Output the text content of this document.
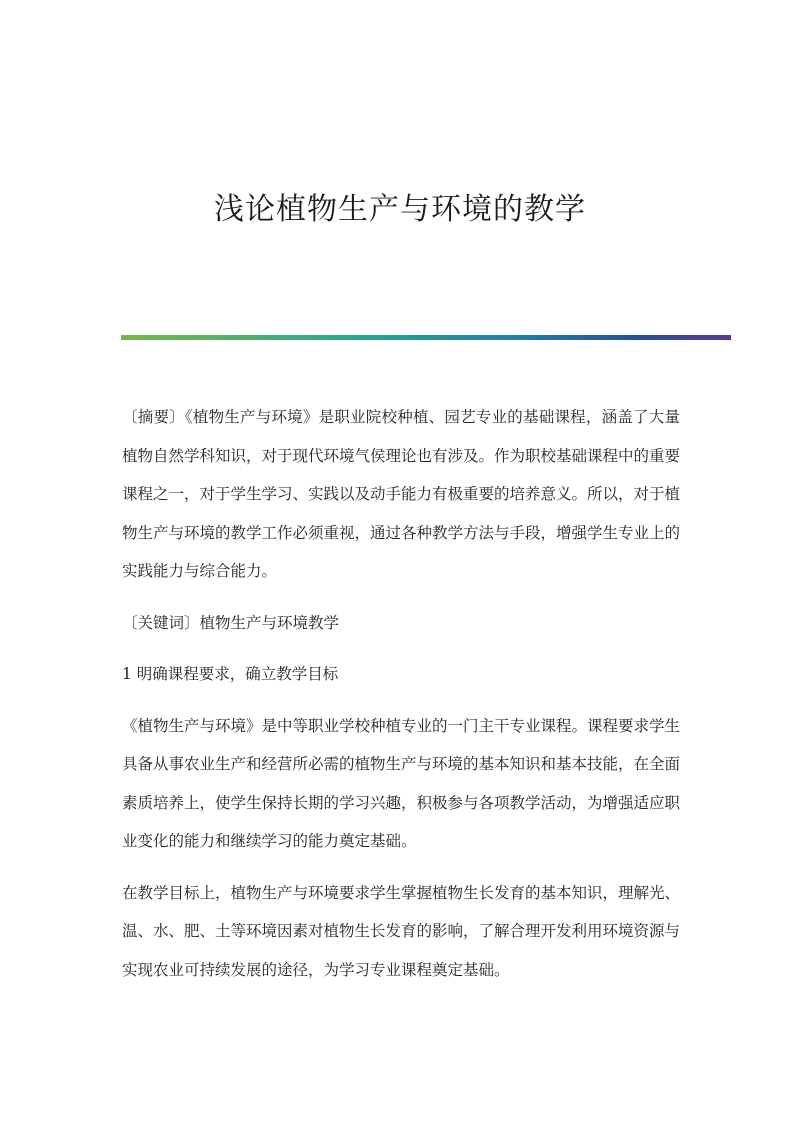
浅论植物生产与环境的教学

〔摘要〕《植物生产与环境》是职业院校种植、园艺专业的基础课程，涵盖了大量植物自然学科知识，对于现代环境气侯理论也有涉及。作为职校基础课程中的重要课程之一，对于学生学习、实践以及动手能力有极重要的培养意义。所以，对于植物生产与环境的教学工作必须重视，通过各种教学方法与手段，增强学生专业上的实践能力与综合能力。

〔关键词〕植物生产与环境教学

1 明确课程要求，确立教学目标

《植物生产与环境》是中等职业学校种植专业的一门主干专业课程。课程要求学生具备从事农业生产和经营所必需的植物生产与环境的基本知识和基本技能，在全面素质培养上，使学生保持长期的学习兴趣，积极参与各项教学活动，为增强适应职业变化的能力和继续学习的能力奠定基础。

在教学目标上，植物生产与环境要求学生掌握植物生长发育的基本知识，理解光、温、水、肥、土等环境因素对植物生长发育的影响，了解合理开发利用环境资源与实现农业可持续发展的途径，为学习专业课程奠定基础。
